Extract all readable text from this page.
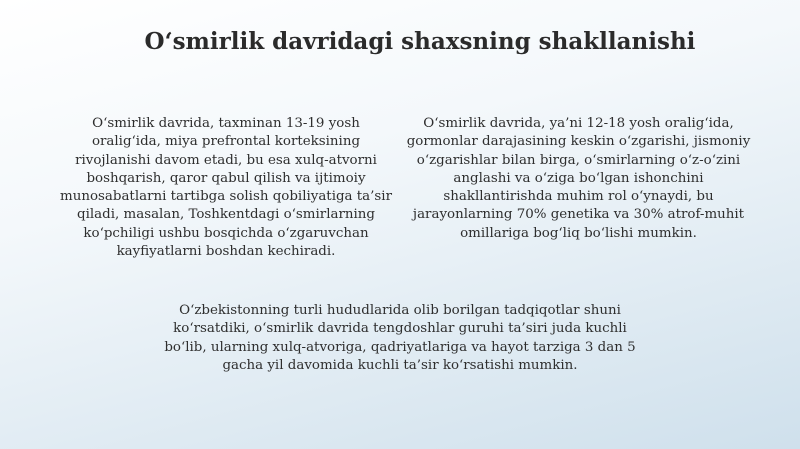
O‘smirlik davridagi shaxsning shakllanishi

O‘smirlik davrida, taxminan 13-19 yosh oralig‘ida, miya prefrontal korteksining rivojlanishi davom etadi, bu esa xulq-atvorni boshqarish, qaror qabul qilish va ijtimoiy munosabatlarni tartibga solish qobiliyatiga ta’sir qiladi, masalan, Toshkentdagi o‘smirlarning ko‘pchiligi ushbu bosqichda o‘zgaruvchan kayfiyatlarni boshdan kechiradi.

O‘smirlik davrida, ya’ni 12-18 yosh oralig‘ida, gormonlar darajasining keskin o‘zgarishi, jismoniy o‘zgarishlar bilan birga, o‘smirlarning o‘z-o‘zini anglashi va o‘ziga bo‘lgan ishonchini shakllantirishda muhim rol o‘ynaydi, bu jarayonlarning 70% genetika va 30% atrof-muhit omillariga bog‘liq bo‘lishi mumkin.

O‘zbekistonning turli hududlarida olib borilgan tadqiqotlar shuni ko‘rsatdiki, o‘smirlik davrida tengdoshlar guruhi ta’siri juda kuchli bo‘lib, ularning xulq-atvoriga, qadriyatlariga va hayot tarziga 3 dan 5 gacha yil davomida kuchli ta’sir ko‘rsatishi mumkin.
